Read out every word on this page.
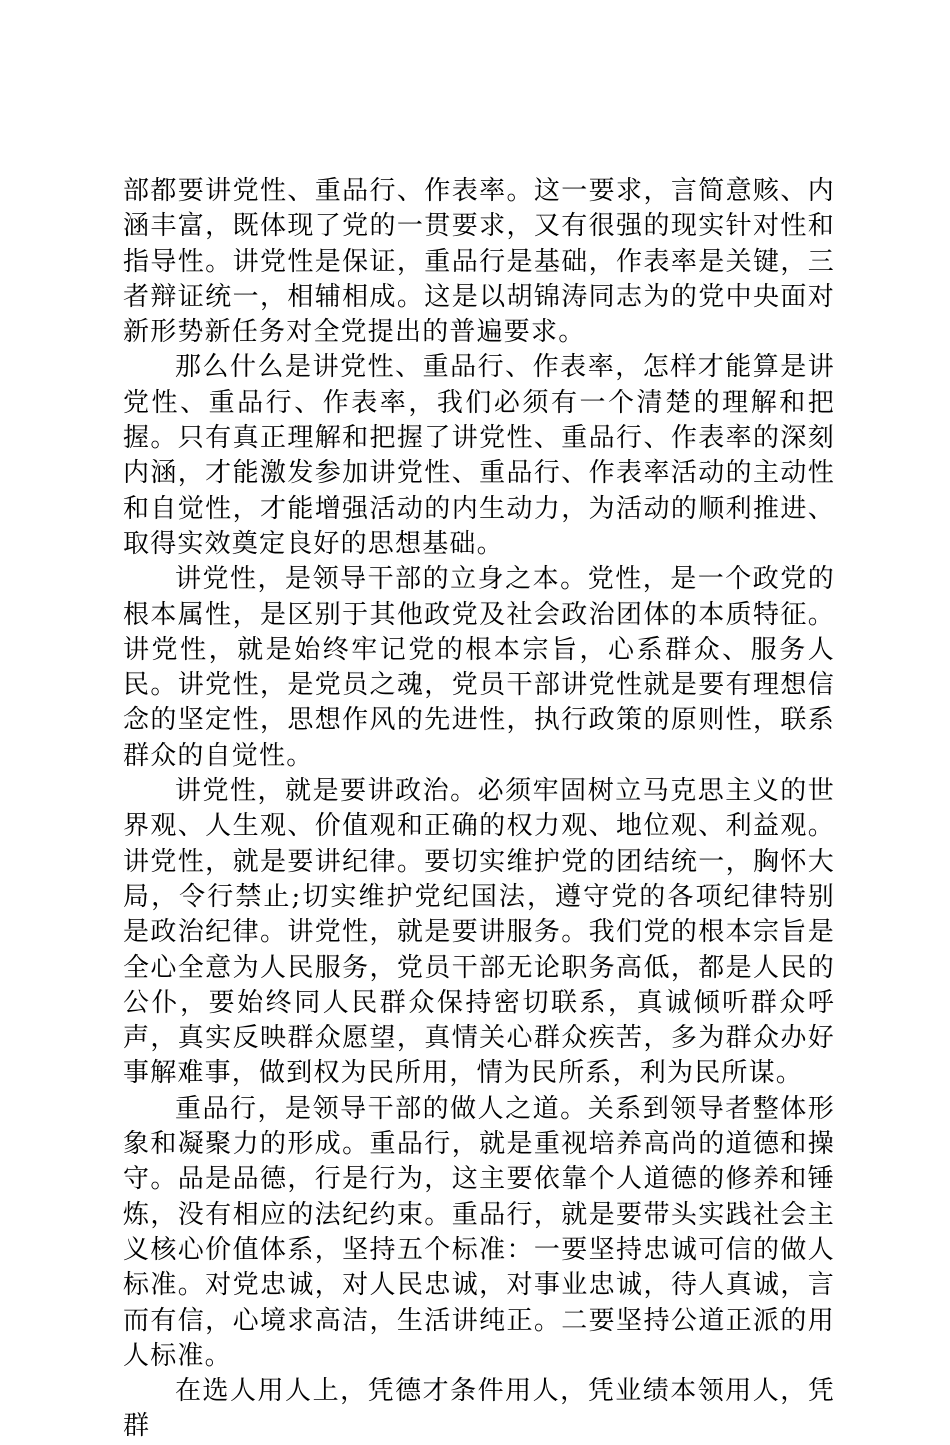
部都要讲党性、重品行、作表率。这一要求，言简意赅、内涵丰富，既体现了党的一贯要求，又有很强的现实针对性和指导性。讲党性是保证，重品行是基础，作表率是关键，三者辩证统一，相辅相成。这是以胡锦涛同志为的党中央面对新形势新任务对全党提出的普遍要求。

那么什么是讲党性、重品行、作表率，怎样才能算是讲党性、重品行、作表率，我们必须有一个清楚的理解和把握。只有真正理解和把握了讲党性、重品行、作表率的深刻内涵，才能激发参加讲党性、重品行、作表率活动的主动性和自觉性，才能增强活动的内生动力，为活动的顺利推进、取得实效奠定良好的思想基础。

讲党性，是领导干部的立身之本。党性，是一个政党的根本属性，是区别于其他政党及社会政治团体的本质特征。讲党性，就是始终牢记党的根本宗旨，心系群众、服务人民。讲党性，是党员之魂，党员干部讲党性就是要有理想信念的坚定性，思想作风的先进性，执行政策的原则性，联系群众的自觉性。

讲党性，就是要讲政治。必须牢固树立马克思主义的世界观、人生观、价值观和正确的权力观、地位观、利益观。讲党性，就是要讲纪律。要切实维护党的团结统一，胸怀大局，令行禁止;切实维护党纪国法，遵守党的各项纪律特别是政治纪律。讲党性，就是要讲服务。我们党的根本宗旨是全心全意为人民服务，党员干部无论职务高低，都是人民的公仆，要始终同人民群众保持密切联系，真诚倾听群众呼声，真实反映群众愿望，真情关心群众疾苦，多为群众办好事解难事，做到权为民所用，情为民所系，利为民所谋。

重品行，是领导干部的做人之道。关系到领导者整体形象和凝聚力的形成。重品行，就是重视培养高尚的道德和操守。品是品德，行是行为，这主要依靠个人道德的修养和锤炼，没有相应的法纪约束。重品行，就是要带头实践社会主义核心价值体系，坚持五个标准：一要坚持忠诚可信的做人标准。对党忠诚，对人民忠诚，对事业忠诚，待人真诚，言而有信，心境求高洁，生活讲纯正。二要坚持公道正派的用人标准。

在选人用人上，凭德才条件用人，凭业绩本领用人，凭群
